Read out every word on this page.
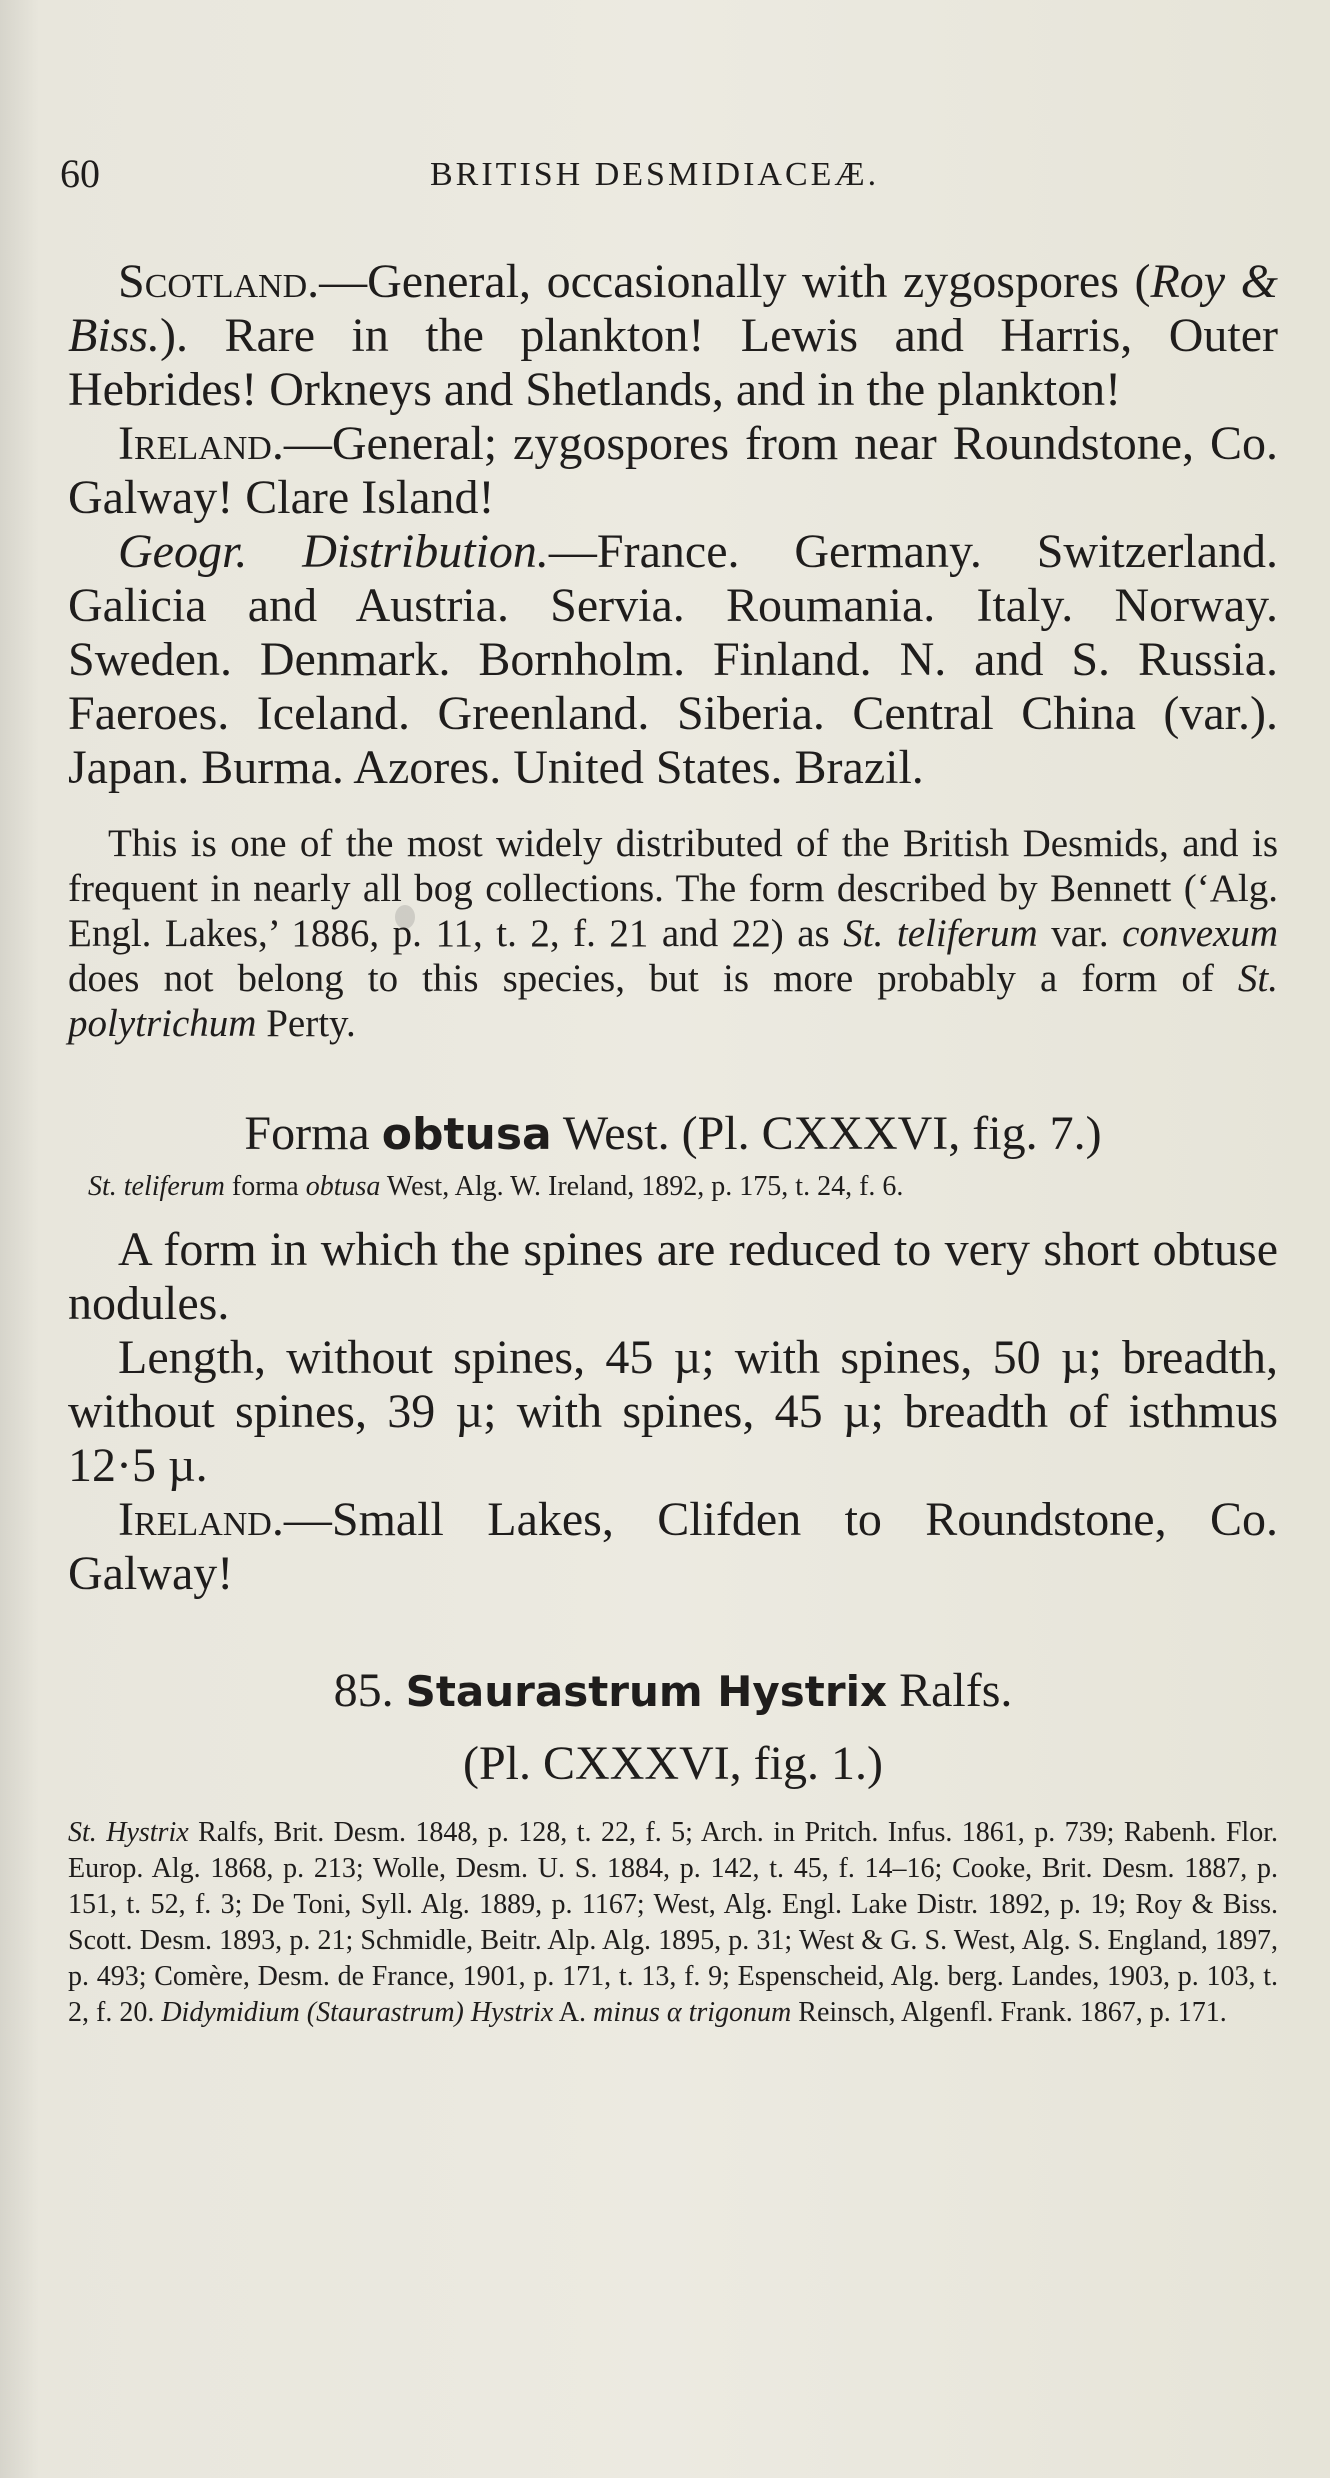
60	BRITISH DESMIDIACEÆ.

Scotland.—General, occasionally with zygospores (Roy & Biss.). Rare in the plankton! Lewis and Harris, Outer Hebrides! Orkneys and Shetlands, and in the plankton!

Ireland.—General; zygospores from near Roundstone, Co. Galway! Clare Island!

Geogr. Distribution.—France. Germany. Switzerland. Galicia and Austria. Servia. Roumania. Italy. Norway. Sweden. Denmark. Bornholm. Finland. N. and S. Russia. Faeroes. Iceland. Greenland. Siberia. Central China (var.). Japan. Burma. Azores. United States. Brazil.

This is one of the most widely distributed of the British Desmids, and is frequent in nearly all bog collections. The form described by Bennett (‘Alg. Engl. Lakes,’ 1886, p. 11, t. 2, f. 21 and 22) as St. teliferum var. convexum does not belong to this species, but is more probably a form of St. polytrichum Perty.

Forma obtusa West. (Pl. CXXXVI, fig. 7.)

St. teliferum forma obtusa West, Alg. W. Ireland, 1892, p. 175, t. 24, f. 6.

A form in which the spines are reduced to very short obtuse nodules.

Length, without spines, 45 µ; with spines, 50 µ; breadth, without spines, 39 µ; with spines, 45 µ; breadth of isthmus 12·5 µ.

Ireland.—Small Lakes, Clifden to Roundstone, Co. Galway!

85. Staurastrum Hystrix Ralfs.

(Pl. CXXXVI, fig. 1.)

St. Hystrix Ralfs, Brit. Desm. 1848, p. 128, t. 22, f. 5; Arch. in Pritch. Infus. 1861, p. 739; Rabenh. Flor. Europ. Alg. 1868, p. 213; Wolle, Desm. U. S. 1884, p. 142, t. 45, f. 14–16; Cooke, Brit. Desm. 1887, p. 151, t. 52, f. 3; De Toni, Syll. Alg. 1889, p. 1167; West, Alg. Engl. Lake Distr. 1892, p. 19; Roy & Biss. Scott. Desm. 1893, p. 21; Schmidle, Beitr. Alp. Alg. 1895, p. 31; West & G. S. West, Alg. S. England, 1897, p. 493; Comère, Desm. de France, 1901, p. 171, t. 13, f. 9; Espenscheid, Alg. berg. Landes, 1903, p. 103, t. 2, f. 20. Didymidium (Staurastrum) Hystrix A. minus α trigonum Reinsch, Algenfl. Frank. 1867, p. 171.
